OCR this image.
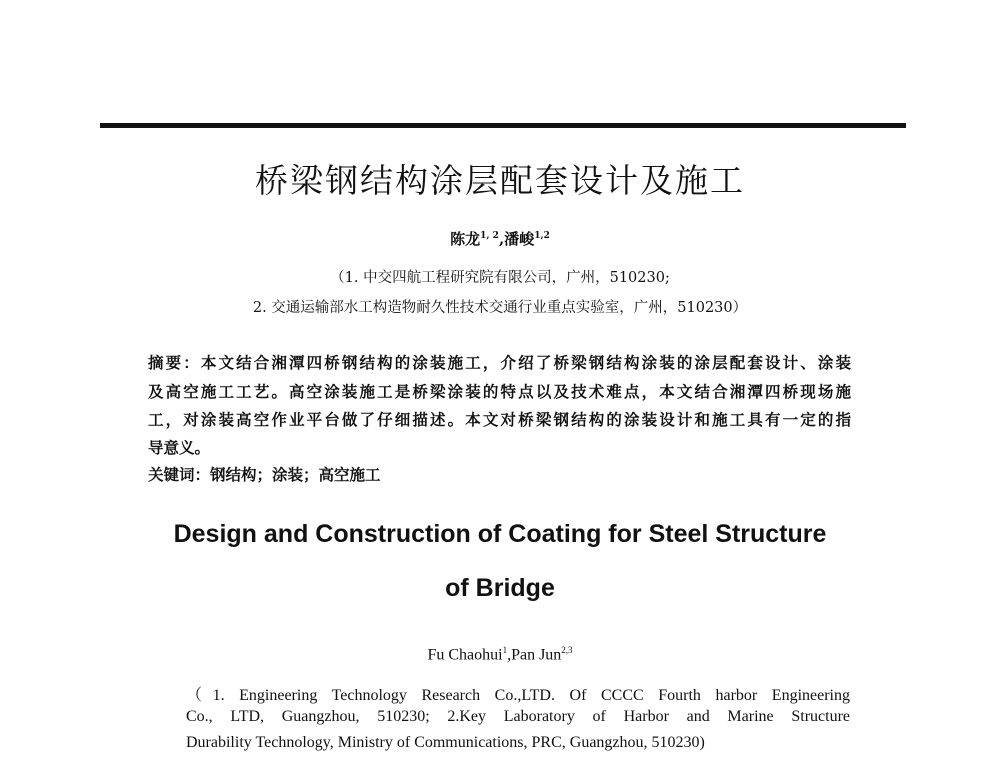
桥梁钢结构涂层配套设计及施工
陈龙$^{1, 2}$,潘峻$^{1,2}$
（1. 中交四航工程研究院有限公司，广州，510230;
2. 交通运输部水工构造物耐久性技术交通行业重点实验室，广州，510230）
摘要：本文结合湘潭四桥钢结构的涂装施工，介绍了桥梁钢结构涂装的涂层配套设计、涂装
及高空施工工艺。高空涂装施工是桥梁涂装的特点以及技术难点，本文结合湘潭四桥现场施
工，对涂装高空作业平台做了仔细描述。本文对桥梁钢结构的涂装设计和施工具有一定的指
导意义。
关键词：钢结构；涂装；高空施工
Design and Construction of Coating for Steel Structure
of Bridge
Fu Chaohui$^1$,Pan Jun$^{2,3}$
（1. Engineering Technology Research Co.,LTD. Of CCCC Fourth harbor Engineering
Co., LTD, Guangzhou, 510230; 2.Key Laboratory of Harbor and Marine Structure
Durability Technology, Ministry of Communications, PRC, Guangzhou, 510230)
